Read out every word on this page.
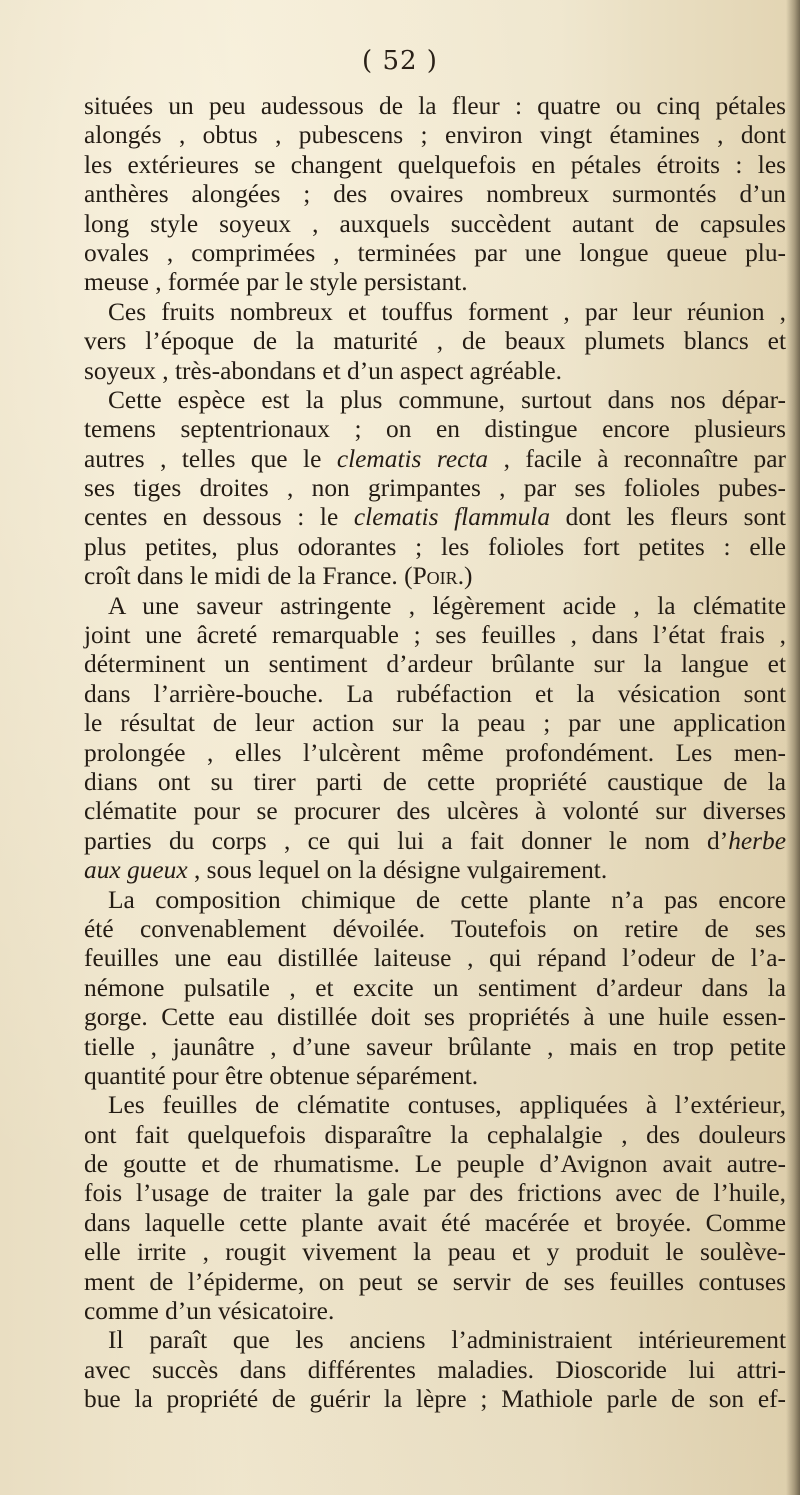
( 52 )
situées un peu audessous de la fleur : quatre ou cinq pétales
alongés , obtus , pubescens ; environ vingt étamines , dont
les extérieures se changent quelquefois en pétales étroits : les
anthères alongées ; des ovaires nombreux surmontés d’un
long style soyeux , auxquels succèdent autant de capsules
ovales , comprimées , terminées par une longue queue plu-
meuse , formée par le style persistant.
Ces fruits nombreux et touffus forment , par leur réunion ,
vers l’époque de la maturité , de beaux plumets blancs et
soyeux , très-abondans et d’un aspect agréable.
Cette espèce est la plus commune, surtout dans nos dépar-
temens septentrionaux ; on en distingue encore plusieurs
autres , telles que le clematis recta , facile à reconnaître par
ses tiges droites , non grimpantes , par ses folioles pubes-
centes en dessous : le clematis flammula dont les fleurs sont
plus petites, plus odorantes ; les folioles fort petites : elle
croît dans le midi de la France. (Poir.)
A une saveur astringente , légèrement acide , la clématite
joint une âcreté remarquable ; ses feuilles , dans l’état frais ,
déterminent un sentiment d’ardeur brûlante sur la langue et
dans l’arrière-bouche. La rubéfaction et la vésication sont
le résultat de leur action sur la peau ; par une application
prolongée , elles l’ulcèrent même profondément. Les men-
dians ont su tirer parti de cette propriété caustique de la
clématite pour se procurer des ulcères à volonté sur diverses
parties du corps , ce qui lui a fait donner le nom d’herbe
aux gueux , sous lequel on la désigne vulgairement.
La composition chimique de cette plante n’a pas encore
été convenablement dévoilée. Toutefois on retire de ses
feuilles une eau distillée laiteuse , qui répand l’odeur de l’a-
némone pulsatile , et excite un sentiment d’ardeur dans la
gorge. Cette eau distillée doit ses propriétés à une huile essen-
tielle , jaunâtre , d’une saveur brûlante , mais en trop petite
quantité pour être obtenue séparément.
Les feuilles de clématite contuses, appliquées à l’extérieur,
ont fait quelquefois disparaître la cephalalgie , des douleurs
de goutte et de rhumatisme. Le peuple d’Avignon avait autre-
fois l’usage de traiter la gale par des frictions avec de l’huile,
dans laquelle cette plante avait été macérée et broyée. Comme
elle irrite , rougit vivement la peau et y produit le soulève-
ment de l’épiderme, on peut se servir de ses feuilles contuses
comme d’un vésicatoire.
Il paraît que les anciens l’administraient intérieurement
avec succès dans différentes maladies. Dioscoride lui attri-
bue la propriété de guérir la lèpre ; Mathiole parle de son ef-
